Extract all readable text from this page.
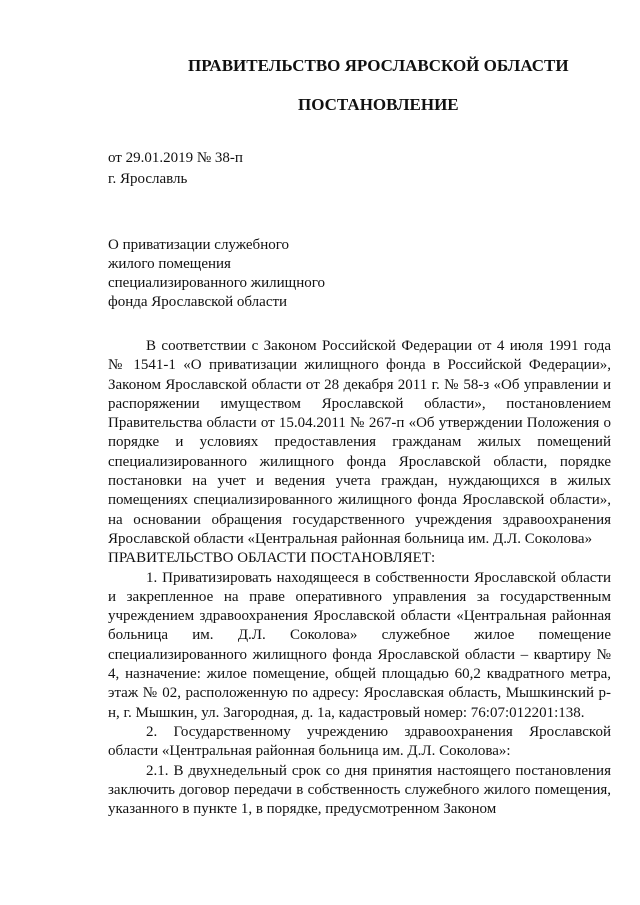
ПРАВИТЕЛЬСТВО ЯРОСЛАВСКОЙ ОБЛАСТИ
ПОСТАНОВЛЕНИЕ
от 29.01.2019 № 38-п
г. Ярославль
О приватизации служебного
жилого помещения
специализированного жилищного
фонда Ярославской области

В соответствии с Законом Российской Федерации от 4 июля 1991 года № 1541-1 «О приватизации жилищного фонда в Российской Федерации», Законом Ярославской области от 28 декабря 2011 г. № 58-з «Об управлении и распоряжении имуществом Ярославской области», постановлением Правительства области от 15.04.2011 № 267-п «Об утверждении Положения о порядке и условиях предоставления гражданам жилых помещений специализированного жилищного фонда Ярославской области, порядке постановки на учет и ведения учета граждан, нуждающихся в жилых помещениях специализированного жилищного фонда Ярославской области», на основании обращения государственного учреждения здравоохранения Ярославской области «Центральная районная больница им. Д.Л. Соколова»

ПРАВИТЕЛЬСТВО ОБЛАСТИ ПОСТАНОВЛЯЕТ:

1. Приватизировать находящееся в собственности Ярославской области и закрепленное на праве оперативного управления за государственным учреждением здравоохранения Ярославской области «Центральная районная больница им. Д.Л. Соколова» служебное жилое помещение специализированного жилищного фонда Ярославской области – квартиру № 4, назначение: жилое помещение, общей площадью 60,2 квадратного метра, этаж № 02, расположенную по адресу: Ярославская область, Мышкинский р-н, г. Мышкин, ул. Загородная, д. 1а, кадастровый номер: 76:07:012201:138.

2. Государственному учреждению здравоохранения Ярославской области «Центральная районная больница им. Д.Л. Соколова»:

2.1. В двухнедельный срок со дня принятия настоящего постановления заключить договор передачи в собственность служебного жилого помещения, указанного в пункте 1, в порядке, предусмотренном Законом
